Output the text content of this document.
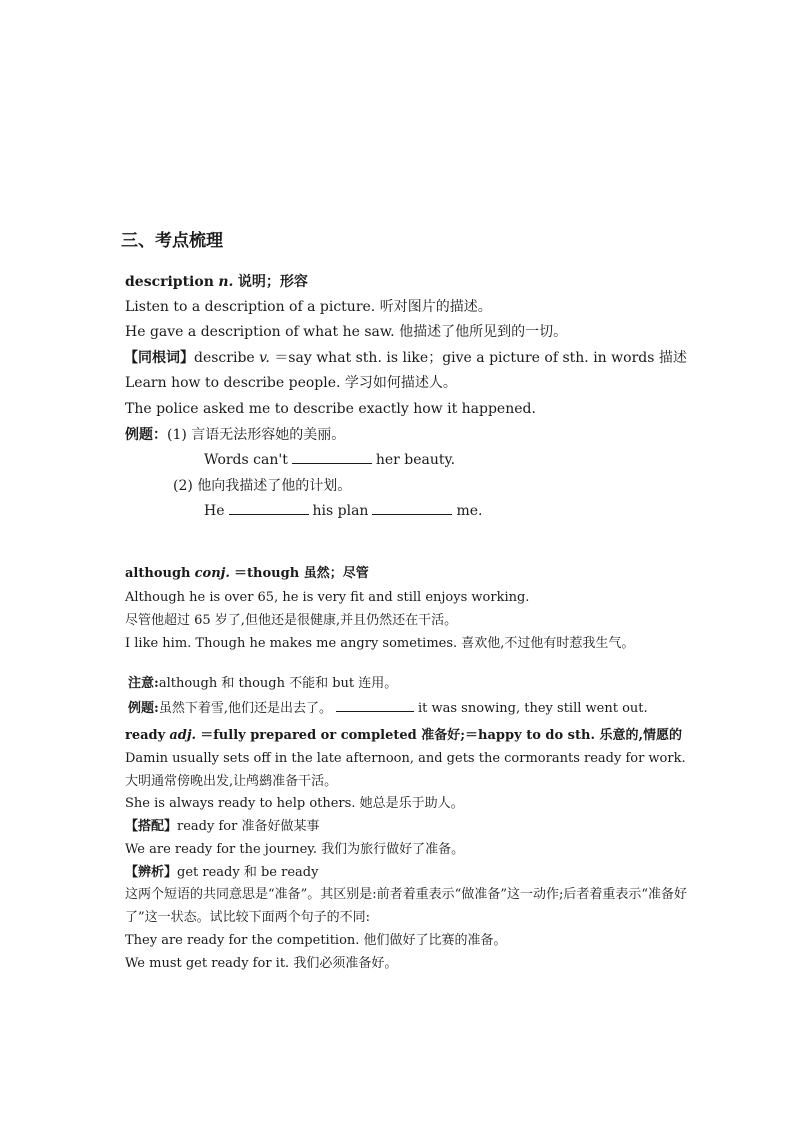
三、考点梳理
description n. 说明；形容
Listen to a description of a picture. 听对图片的描述。
He gave a description of what he saw. 他描述了他所见到的一切。
【同根词】describe v. ＝say what sth. is like；give a picture of sth. in words 描述
Learn how to describe people. 学习如何描述人。
The police asked me to describe exactly how it happened.
例题：(1) 言语无法形容她的美丽。
Words can't	her beauty.
(2) 他向我描述了他的计划。
He	his plan	me.
although conj. ＝though 虽然；尽管
Although he is over 65, he is very fit and still enjoys working.
尽管他超过 65 岁了,但他还是很健康,并且仍然还在干活。
I like him. Though he makes me angry sometimes. 喜欢他,不过他有时惹我生气。
注意:although 和 though 不能和 but 连用。
例题:虽然下着雪,他们还是出去了。	it was snowing, they still went out.
ready adj. ＝fully prepared or completed 准备好;＝happy to do sth. 乐意的,情愿的
Damin usually sets off in the late afternoon, and gets the cormorants ready for work.
大明通常傍晚出发,让鸬鹚准备干活。
She is always ready to help others. 她总是乐于助人。
【搭配】ready for 准备好做某事
We are ready for the journey. 我们为旅行做好了准备。
【辨析】get ready 和 be ready
这两个短语的共同意思是“准备”。其区别是:前者着重表示“做准备”这一动作;后者着重表示“准备好
了”这一状态。试比较下面两个句子的不同:
They are ready for the competition. 他们做好了比赛的准备。
We must get ready for it. 我们必须准备好。
